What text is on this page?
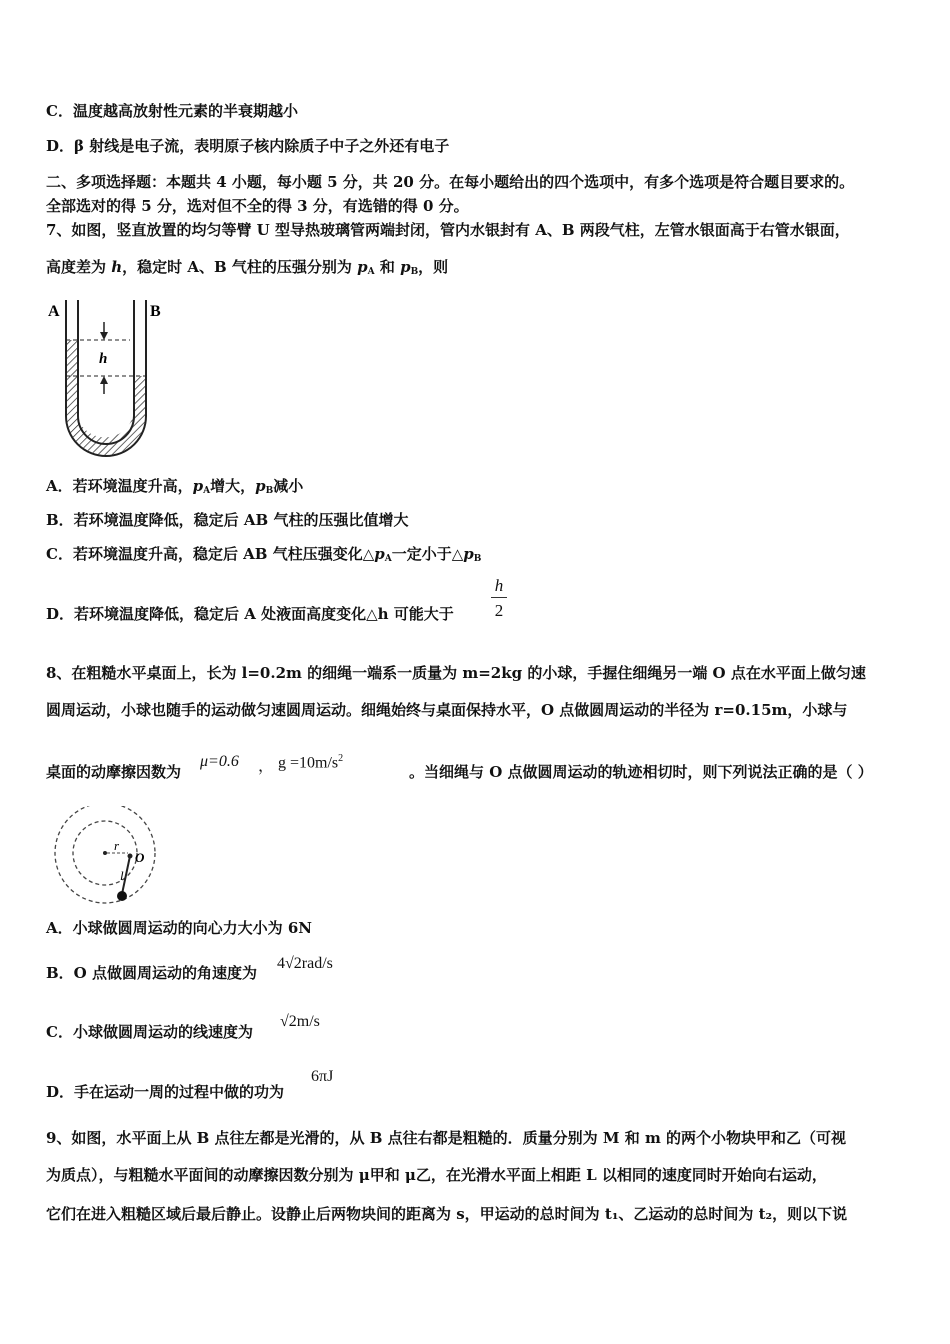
C．温度越高放射性元素的半衰期越小
D．β 射线是电子流，表明原子核内除质子中子之外还有电子
二、多项选择题：本题共 4 小题，每小题 5 分，共 20 分。在每小题给出的四个选项中，有多个选项是符合题目要求的。
全部选对的得 5 分，选对但不全的得 3 分，有选错的得 0 分。
7、如图，竖直放置的均匀等臂 U 型导热玻璃管两端封闭，管内水银封有 A、B 两段气柱，左管水银面高于右管水银面，
高度差为 h，稳定时 A、B 气柱的压强分别为 $p_A$ 和 $p_B$，则
A	B
h
A．若环境温度升高，$p_A$增大，$p_B$减小
B．若环境温度降低，稳定后 AB 气柱的压强比值增大
C．若环境温度升高，稳定后 AB 气柱压强变化$\triangle p_A$一定小于$\triangle p_B$
D．若环境温度降低，稳定后 A 处液面高度变化△h 可能大于
h
2
8、在粗糙水平桌面上，长为 l=0.2m 的细绳一端系一质量为 m=2kg 的小球，手握住细绳另一端 O 点在水平面上做匀速
圆周运动，小球也随手的运动做匀速圆周运动。细绳始终与桌面保持水平，O 点做圆周运动的半径为 r=0.15m，小球与
桌面的动摩擦因数为	。当细绳与 O 点做圆周运动的轨迹相切时，则下列说法正确的是（ ）
μ=0.6 ， $g =10m/s^2$
r
O
l
A．小球做圆周运动的向心力大小为 6N
B．O 点做圆周运动的角速度为
4√2rad/s
C．小球做圆周运动的线速度为
√2m/s
D．手在运动一周的过程中做的功为
6πJ
9、如图，水平面上从 B 点往左都是光滑的，从 B 点往右都是粗糙的．质量分别为 M 和 m 的两个小物块甲和乙（可视
为质点），与粗糙水平面间的动摩擦因数分别为 μ甲和 μ乙，在光滑水平面上相距 L 以相同的速度同时开始向右运动，
它们在进入粗糙区域后最后静止。设静止后两物块间的距离为 s，甲运动的总时间为 t₁、乙运动的总时间为 t₂，则以下说
